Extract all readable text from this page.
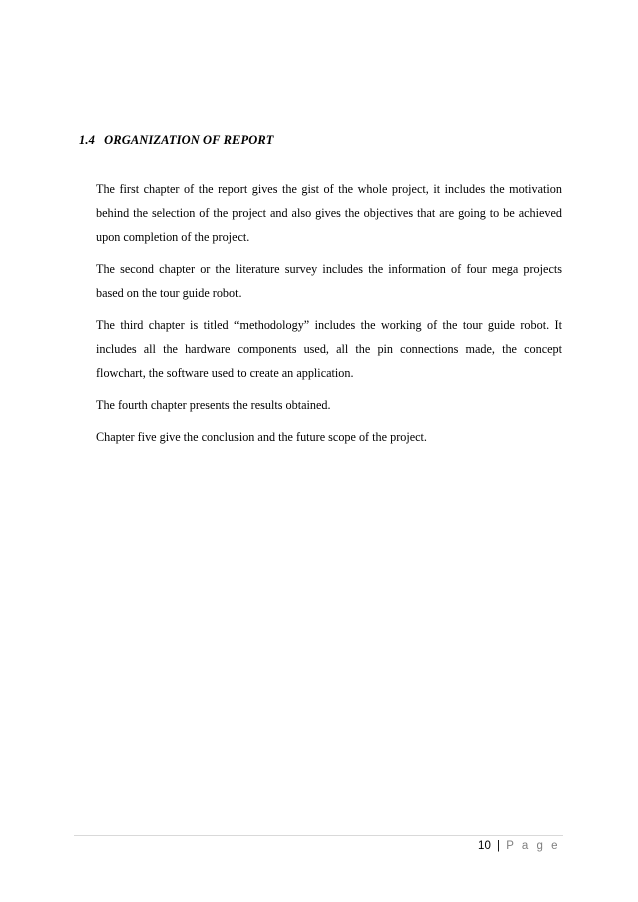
1.4 ORGANIZATION OF REPORT

The first chapter of the report gives the gist of the whole project, it includes the motivation behind the selection of the project and also gives the objectives that are going to be achieved upon completion of the project.

The second chapter or the literature survey includes the information of four mega projects based on the tour guide robot.

The third chapter is titled “methodology” includes the working of the tour guide robot. It includes all the hardware components used, all the pin connections made, the concept flowchart, the software used to create an application.

The fourth chapter presents the results obtained.

Chapter five give the conclusion and the future scope of the project.

10 | P a g e
